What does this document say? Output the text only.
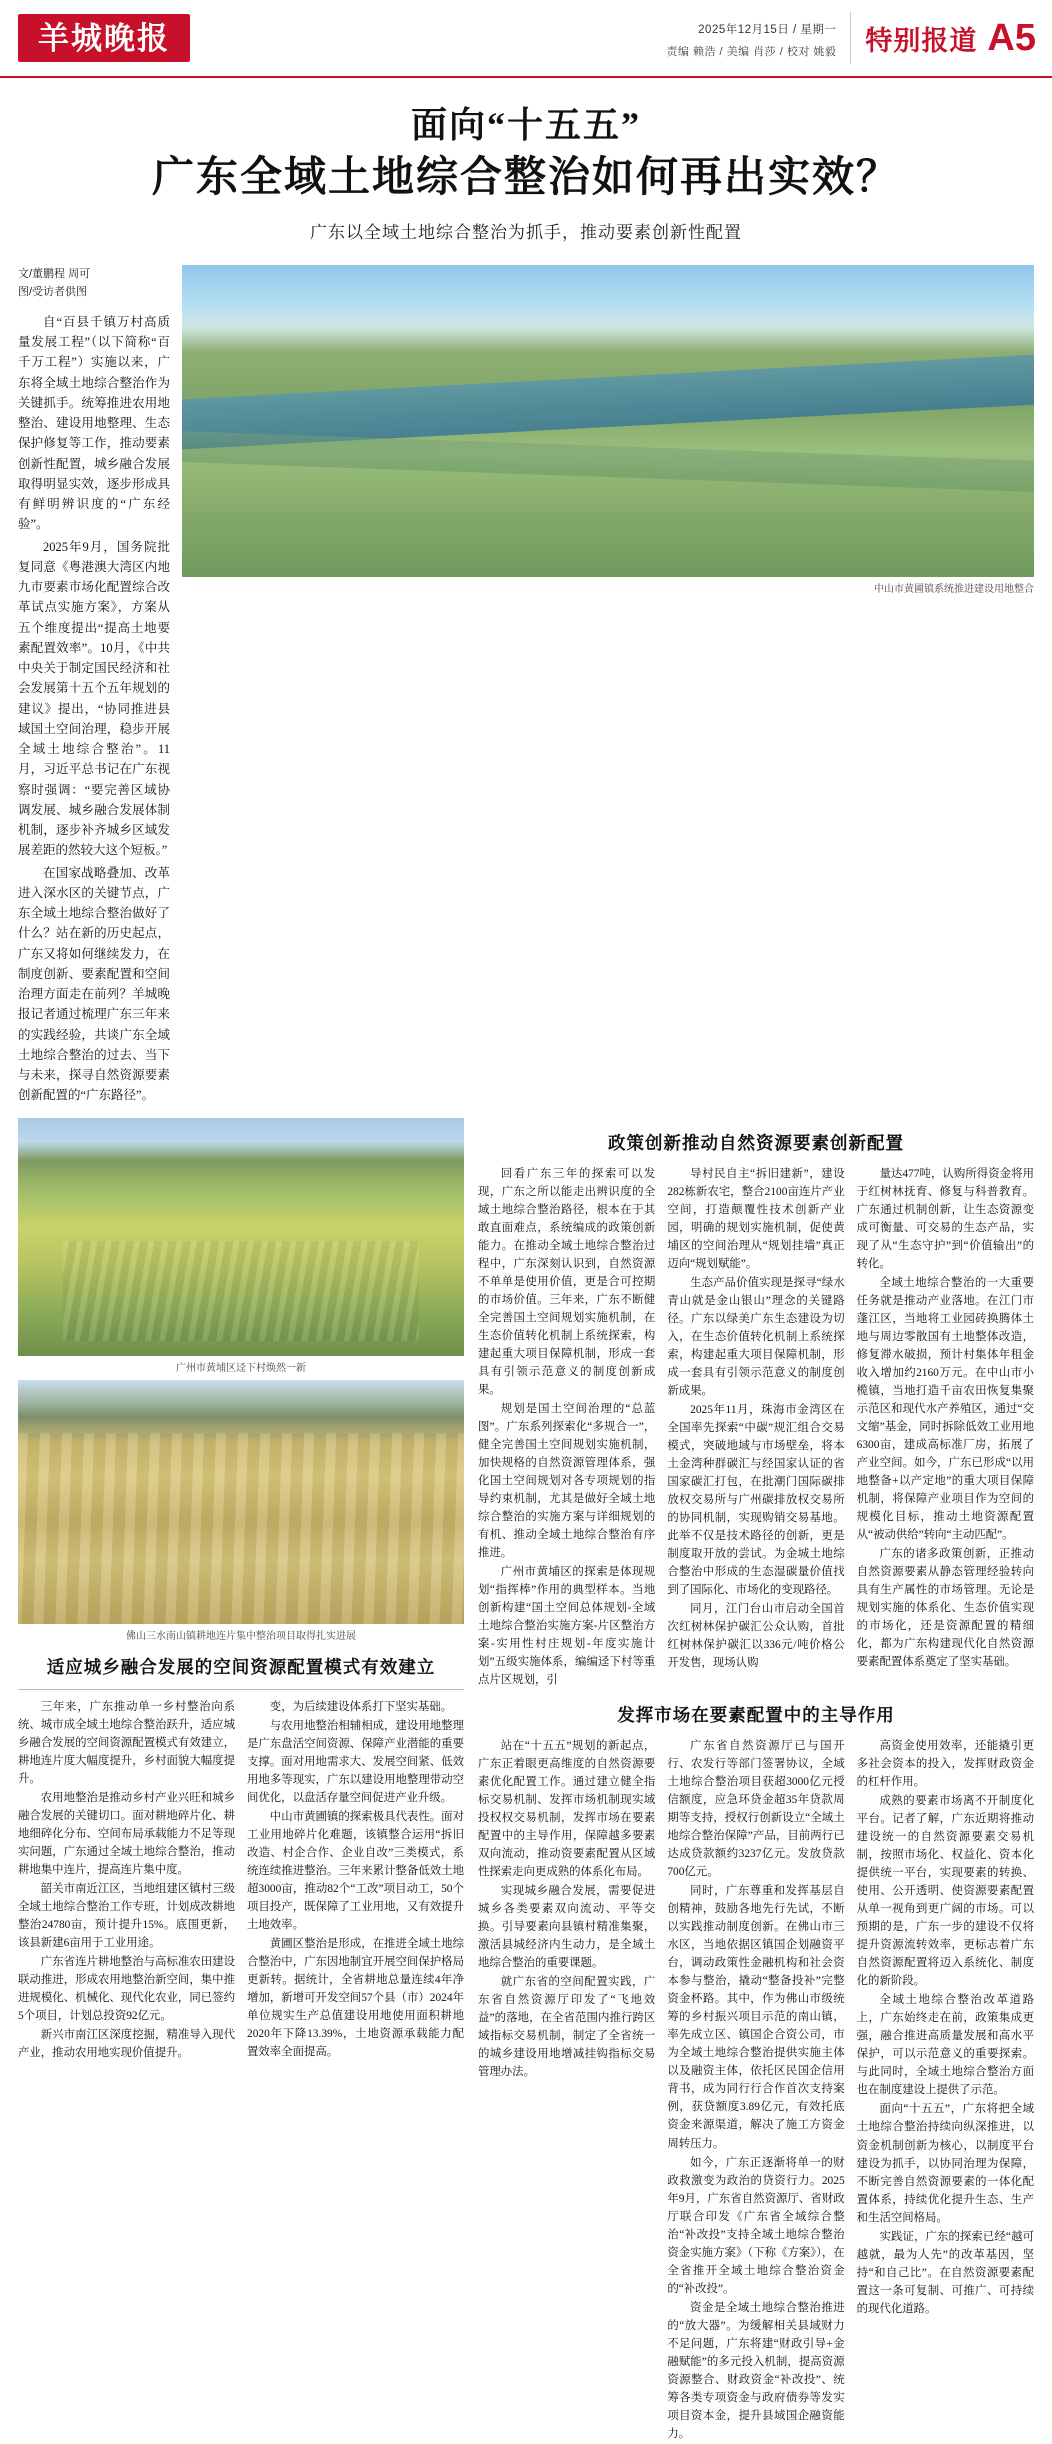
羊城晚报	2025年12月15日 / 星期一
责编 赖浩 / 美编 肖莎 / 校对 姚毅 特别报道 A5
面向“十五五”
广东全域土地综合整治如何再出实效？
广东以全域土地综合整治为抓手，推动要素创新性配置
文/董鹏程 周可
图/受访者供图

自“百县千镇万村高质量发展工程”（以下简称“百千万工程”）实施以来，广东将全域土地综合整治作为关键抓手。统筹推进农用地整治、建设用地整理、生态保护修复等工作，推动要素创新性配置，城乡融合发展取得明显实效，逐步形成具有鲜明辨识度的“广东经验”。

2025年9月，国务院批复同意《粤港澳大湾区内地九市要素市场化配置综合改革试点实施方案》，方案从五个维度提出“提高土地要素配置效率”。10月，《中共中央关于制定国民经济和社会发展第十五个五年规划的建议》提出，“协同推进县域国土空间治理，稳步开展全域土地综合整治”。11月，习近平总书记在广东视察时强调：“要完善区域协调发展、城乡融合发展体制机制，逐步补齐城乡区域发展差距的然较大这个短板。”

在国家战略叠加、改革进入深水区的关键节点，广东全域土地综合整治做好了什么？站在新的历史起点，广东又将如何继续发力，在制度创新、要素配置和空间治理方面走在前列？羊城晚报记者通过梳理广东三年来的实践经验，共谈广东全域土地综合整治的过去、当下与未来，探寻自然资源要素创新配置的“广东路径”。

中山市黄圃镇系统推进建设用地整合
广州市黄埔区迳下村焕然一新
佛山三水南山镇耕地连片集中整治项目取得扎实进展
适应城乡融合发展的空间资源配置模式有效建立

三年来，广东推动单一乡村整治向系统、城市成全域土地综合整治跃升，适应城乡融合发展的空间资源配置模式有效建立，耕地连片度大幅度提升，乡村面貌大幅度提升。

农用地整治是推动乡村产业兴旺和城乡融合发展的关键切口。面对耕地碎片化、耕地细碎化分布、空间布局承载能力不足等现实问题，广东通过全域土地综合整治，推动耕地集中连片，提高连片集中度。

韶关市南近江区，当地组建区镇村三级全域土地综合整治工作专班，计划成改耕地整治24780亩，预计提升15%。底围更新，该县新建6亩用于工业用途。

广东省连片耕地整治与高标准农田建设联动推进，形成农用地整治新空间，集中推进规模化、机械化、现代化农业，同已签约5个项目，计划总投资92亿元。

新兴市南江区深度挖掘，精准导入现代产业，推动农用地实现价值提升。

变，为后续建设体系打下坚实基础。

与农用地整治相辅相成，建设用地整理是广东盘活空间资源、保障产业潜能的重要支撑。面对用地需求大、发展空间紧、低效用地多等现实，广东以建设用地整理带动空间优化，以盘活存量空间促进产业升级。

中山市黄圃镇的探索极具代表性。面对工业用地碎片化难题，该镇整合运用“拆旧改造、村企合作、企业自改”三类模式，系统连续推进整治。三年来累计整备低效土地超3000亩，推动82个“工改”项目动工，50个项目投产，既保障了工业用地，又有效提升土地效率。

黄圃区整治是形成，在推进全域土地综合整治中，广东因地制宜开展空间保护格局更新转。据统计，全省耕地总量连续4年净增加，新增可开发空间57个县（市）2024年单位规实生产总值建设用地使用面积耕地2020年下降13.39%，土地资源承载能力配置效率全面提高。

政策创新推动自然资源要素创新配置

回看广东三年的探索可以发现，广东之所以能走出辨识度的全域土地综合整治路径，根本在于其敢直面难点，系统编成的政策创新能力。在推动全域土地综合整治过程中，广东深刻认识到，自然资源不单单是使用价值，更是合可控期的市场价值。三年来，广东不断健全完善国土空间规划实施机制，在生态价值转化机制上系统探索，构建起重大项目保障机制，形成一套具有引领示范意义的制度创新成果。

规划是国土空间治理的“总蓝图”。广东系列探索化“多规合一”，健全完善国土空间规划实施机制，加快规格的自然资源管理体系，强化国土空间规划对各专项规划的指导约束机制，尤其是做好全域土地综合整治的实施方案与详细规划的有机、推动全域土地综合整治有序推进。

广州市黄埔区的探索是体现规划“指挥棒”作用的典型样本。当地创新构建“国土空间总体规划-全域土地综合整治实施方案-片区整治方案-实用性村庄规划-年度实施计划”五级实施体系，编编迳下村等重点片区规划，引

导村民自主“拆旧建新”，建设282栋新农宅，整合2100亩连片产业空间，打造颠覆性技术创新产业园，明确的规划实施机制，促使黄埔区的空间治理从“规划挂墙”真正迈向“规划赋能”。

生态产品价值实现是探寻“绿水青山就是金山银山”理念的关键路径。广东以绿美广东生态建设为切入，在生态价值转化机制上系统探索，构建起重大项目保障机制，形成一套具有引领示范意义的制度创新成果。

2025年11月，珠海市金湾区在全国率先探索“中碳”规汇组合交易模式，突破地域与市场壁垒，将本土金湾种群碳汇与经国家认证的省国家碳汇打包，在批潮门国际碳排放权交易所与广州碳排放权交易所的协同机制，实现购销交易基地。此举不仅是技术路径的创新，更是制度取开放的尝试。为金城土地综合整治中形成的生态湿碳量价值找到了国际化、市场化的变现路径。

同月，江门台山市启动全国首次红树林保护碳汇公众认购，首批红树林保护碳汇以336元/吨价格公开发售，现场认购

量达477吨，认购所得资金将用于红树林抚育、修复与科普教育。广东通过机制创新，让生态资源变成可衡量、可交易的生态产品，实现了从“生态守护”到“价值输出”的转化。

全域土地综合整治的一大重要任务就是推动产业落地。在江门市蓬江区，当地将工业园砖换腾体土地与周边零散国有土地整体改造，修复滞水破损，预计村集体年租金收入增加约2160万元。在中山市小榄镇，当地打造千亩农田恢复集聚示范区和现代水产养殖区，通过“交文缩”基金，同时拆除低效工业用地6300亩，建成高标准厂房，拓展了产业空间。如今，广东已形成“以用地整备+以产定地”的重大项目保障机制，将保障产业项目作为空间的规模化目标，推动土地资源配置从“被动供给”转向“主动匹配”。

广东的诸多政策创新，正推动自然资源要素从静态管理经验转向具有生产属性的市场管理。无论是规划实施的体系化、生态价值实现的市场化，还是资源配置的精细化，都为广东构建现代化自然资源要素配置体系奠定了坚实基础。

发挥市场在要素配置中的主导作用

站在“十五五”规划的新起点，广东正着眼更高维度的自然资源要素优化配置工作。通过建立健全指标交易机制、发挥市场机制现实域投权权交易机制，发挥市场在要素配置中的主导作用，保障越多要素双向流动，推动资要素配置从区域性探索走向更成熟的体系化布局。

实现城乡融合发展，需要促进城乡各类要素双向流动、平等交换。引导要素向县镇村精准集聚，激活县城经济内生动力，是全域土地综合整治的重要课题。

就广东省的空间配置实践，广东省自然资源厅印发了“飞地效益”的落地，在全省范围内推行跨区域指标交易机制，制定了全省统一的城乡建设用地增减挂钩指标交易管理办法。

广东省自然资源厅已与国开行、农发行等部门签署协议，全域土地综合整治项目获超3000亿元授信额度，应急环贷金超35年贷款周期等支持，授权行创新设立“全域土地综合整治保障”产品，目前两行已达成贷款额约3237亿元。发放贷款700亿元。

同时，广东尊重和发挥基层自创精神，鼓励各地先行先试，不断以实践推动制度创新。在佛山市三水区，当地依据区镇国企划融资平台，调动政策性金融机构和社会资本参与整治，撬动“整备投补”完整资金杯路。其中，作为佛山市级统筹的乡村振兴项目示范的南山镇，率先成立区、镇国企合资公司，市为全域土地综合整治提供实施主体以及融资主体，依托区民国企信用背书，成为同行行合作首次支持案例，获贷额度3.89亿元，有效托底资金来源渠道，解决了施工方资金周转压力。

如今，广东正逐渐将单一的财政救激变为政治的贷资行力。2025年9月，广东省自然资源厅、省财政厅联合印发《广东省全域综合整治“补改投”支持全域土地综合整治资金实施方案》（下称《方案》），在全省推开全域土地综合整治资金的“补改投”。

资金是全域土地综合整治推进的“放大器”。为缓解相关县域财力不足问题，广东将建“财政引导+金融赋能”的多元投入机制，提高资源资源整合、财政资金“补改投”、统筹各类专项资金与政府债券等发实项目资本金，提升县域国企融资能力。

高资金使用效率，还能撬引更多社会资本的投入，发挥财政资金的杠杆作用。

成熟的要素市场离不开制度化平台。记者了解，广东近期将推动建设统一的自然资源要素交易机制，按照市场化、权益化、资本化提供统一平台，实现要素的转换、使用、公开透明、使资源要素配置从单一视角到更广阔的市场。可以预期的是，广东一步的建设不仅将提升资源流转效率，更标志着广东自然资源配置将迈入系统化、制度化的新阶段。

全域土地综合整治改革道路上，广东始终走在前，政策集成更强，融合推进高质量发展和高水平保护，可以示范意义的重要探索。与此同时，全域土地综合整治方面也在制度建设上提供了示范。

面向“十五五”，广东将把全域土地综合整治持续向纵深推进，以资金机制创新为核心，以制度平台建设为抓手，以协同治理为保障，不断完善自然资源要素的一体化配置体系，持续优化提升生态、生产和生活空间格局。

实践证，广东的探索已经“越可越就，最为人先”的改革基因，坚持“和自己比”。在自然资源要素配置这一条可复制、可推广、可持续的现代化道路。
